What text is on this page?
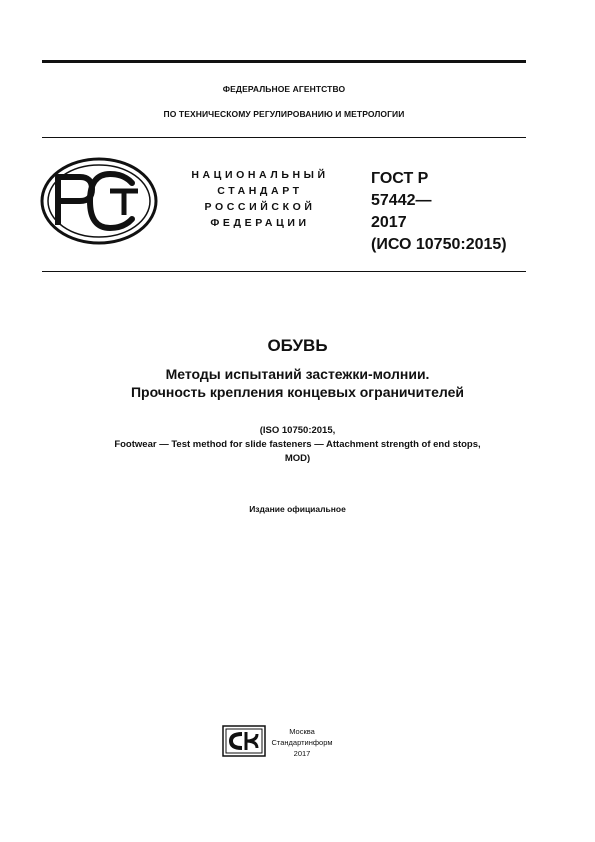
ФЕДЕРАЛЬНОЕ АГЕНТСТВО
ПО ТЕХНИЧЕСКОМУ РЕГУЛИРОВАНИЮ И МЕТРОЛОГИИ
НАЦИОНАЛЬНЫЙ
СТАНДАРТ
РОССИЙСКОЙ
ФЕДЕРАЦИИ
ГОСТ Р
57442—
2017
(ИСО 10750:2015)
ОБУВЬ
Методы испытаний застежки-молнии.
Прочность крепления концевых ограничителей
(ISO 10750:2015,
Footwear — Test method for slide fasteners — Attachment strength of end stops,
MOD)
Издание официальное
Москва
Стандартинформ
2017
